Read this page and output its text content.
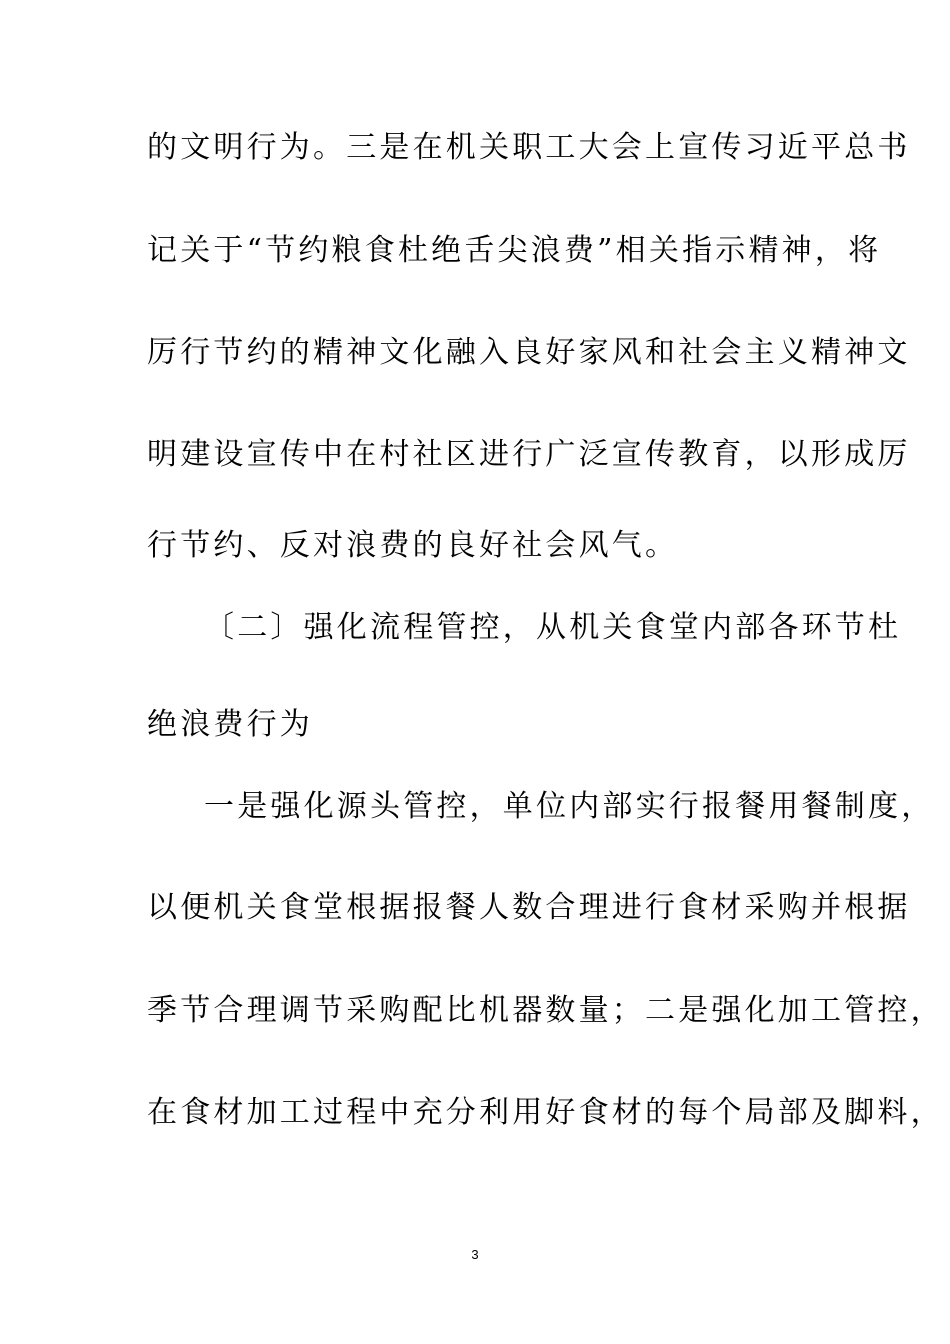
的文明行为。三是在机关职工大会上宣传习近平总书
记关于“节约粮食杜绝舌尖浪费”相关指示精神，将
厉行节约的精神文化融入良好家风和社会主义精神文
明建设宣传中在村社区进行广泛宣传教育，以形成厉
行节约、反对浪费的良好社会风气。
〔二〕强化流程管控，从机关食堂内部各环节杜
绝浪费行为
一是强化源头管控，单位内部实行报餐用餐制度，
以便机关食堂根据报餐人数合理进行食材采购并根据
季节合理调节采购配比机器数量；二是强化加工管控，
在食材加工过程中充分利用好食材的每个局部及脚料，
3
